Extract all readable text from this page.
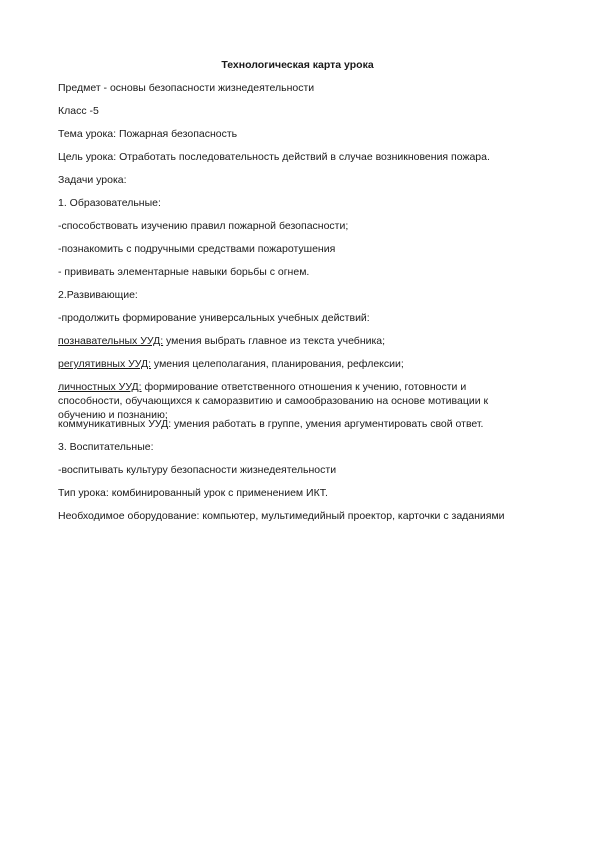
Технологическая карта урока
Предмет - основы безопасности жизнедеятельности
Класс -5
Тема урока: Пожарная безопасность
Цель урока: Отработать последовательность действий в случае возникновения пожара.
Задачи урока:
1. Образовательные:
-способствовать изучению правил пожарной безопасности;
-познакомить с подручными средствами пожаротушения
- прививать элементарные навыки борьбы с огнем.
2.Развивающие:
-продолжить формирование универсальных учебных действий:
познавательных УУД: умения выбрать главное из текста учебника;
регулятивных УУД: умения целеполагания, планирования, рефлексии;
личностных УУД: формирование ответственного отношения к учению, готовности и способности, обучающихся к саморазвитию и самообразованию на основе мотивации к обучению и познанию;
коммуникативных УУД: умения работать в группе, умения аргументировать свой ответ.
3. Воспитательные:
-воспитывать культуру безопасности жизнедеятельности
Тип урока: комбинированный урок с применением ИКТ.
Необходимое оборудование: компьютер, мультимедийный проектор, карточки с заданиями
